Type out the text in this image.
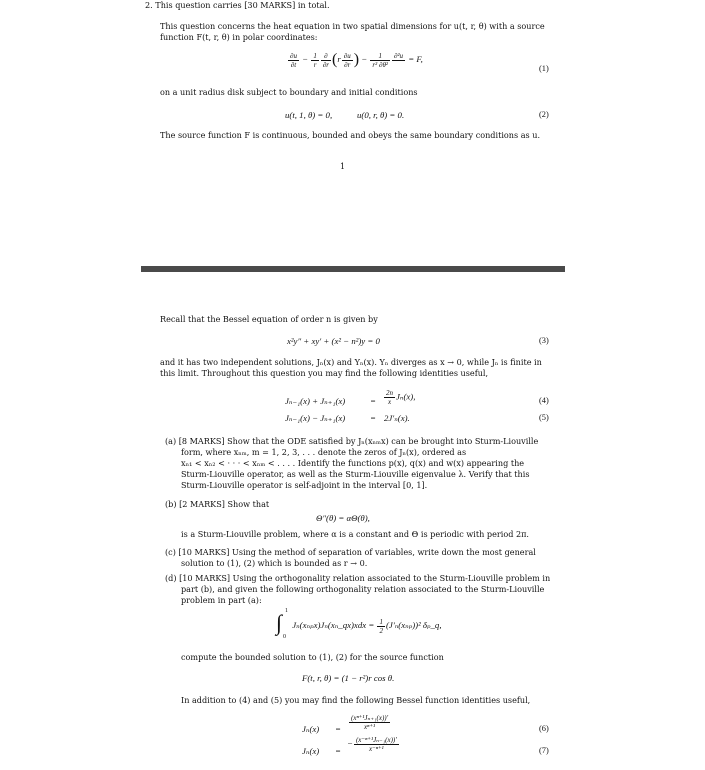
2. This question carries [30 MARKS] in total.
This question concerns the heat equation in two spatial dimensions for u(t, r, θ) with a source
function F(t, r, θ) in polar coordinates:
$\frac{\partial u}{\partial t} - \frac{1}{r} \frac{\partial}{\partial r} (r \frac{\partial u}{\partial r}$ ) − $\frac{1}{\text{r² ∂θ²}} \partial^2u$
= F,
(1)
on a unit radius disk subject to boundary and initial conditions
u(t, 1, θ) = 0,	u(0, r, θ) = 0.	(2)
The source function F is continuous, bounded and obeys the same boundary conditions as u.
1
Recall that the Bessel equation of order n is given by
x²y″ + xy′ + (x² − n²)y = 0	(3)
and it has two independent solutions, Jₙ(x) and Yₙ(x). Yₙ diverges as x → 0, while Jₙ is finite in
this limit. Throughout this question you may find the following identities useful,
Jₙ₋₁(x) + Jₙ₊₁(x)	= $\frac{2n}{x} J_n(x)$,	(4)
Jₙ₋₁(x) − Jₙ₊₁(x)	= 2J′ₙ(x).	(5)
(a) [8 MARKS] Show that the ODE satisfied by Jₙ(xₙₘx) can be brought into Sturm-Liouville
form, where xₙₘ, m = 1, 2, 3, . . . denote the zeros of Jₙ(x), ordered as
xₙ₁ < xₙ₂ < · · · < xₙₘ < . . . . Identify the functions p(x), q(x) and w(x) appearing the
Sturm-Liouville operator, as well as the Sturm-Liouville eigenvalue λ. Verify that this
Sturm-Liouville operator is self-adjoint in the interval [0, 1].
(b) [2 MARKS] Show that
Θ″(θ) = αΘ(θ),
is a Sturm-Liouville problem, where α is a constant and Θ is periodic with period 2π.
(c) [10 MARKS] Using the method of separation of variables, write down the most general
solution to (1), (2) which is bounded as r → 0.
(d) [10 MARKS] Using the orthogonality relation associated to the Sturm-Liouville problem in
part (b), and given the following orthogonality relation associated to the Sturm-Liouville
problem in part (a):
∫ 1
0
Jₙ(xₙₚx)Jₙ(xₙ_qx)xdx = $\frac{1}{2} (J'_n(x_{np}))^2$ δₚ_q,
compute the bounded solution to (1), (2) for the source function
F(t, r, θ) = (1 − r²)r cos θ.
In addition to (4) and (5) you may find the following Bessel function identities useful,
$J_n(x) = \frac{\text{(xⁿ⁺¹Jₙ₊₁(x))′}}{\text{xⁿ⁺¹}}$	(6)
Jₙ(x) =
− $\frac{\text{(x⁻ⁿ⁺¹Jₙ₋₁(x))′}}{\text{x⁻ⁿ⁺¹}}$	(7)
